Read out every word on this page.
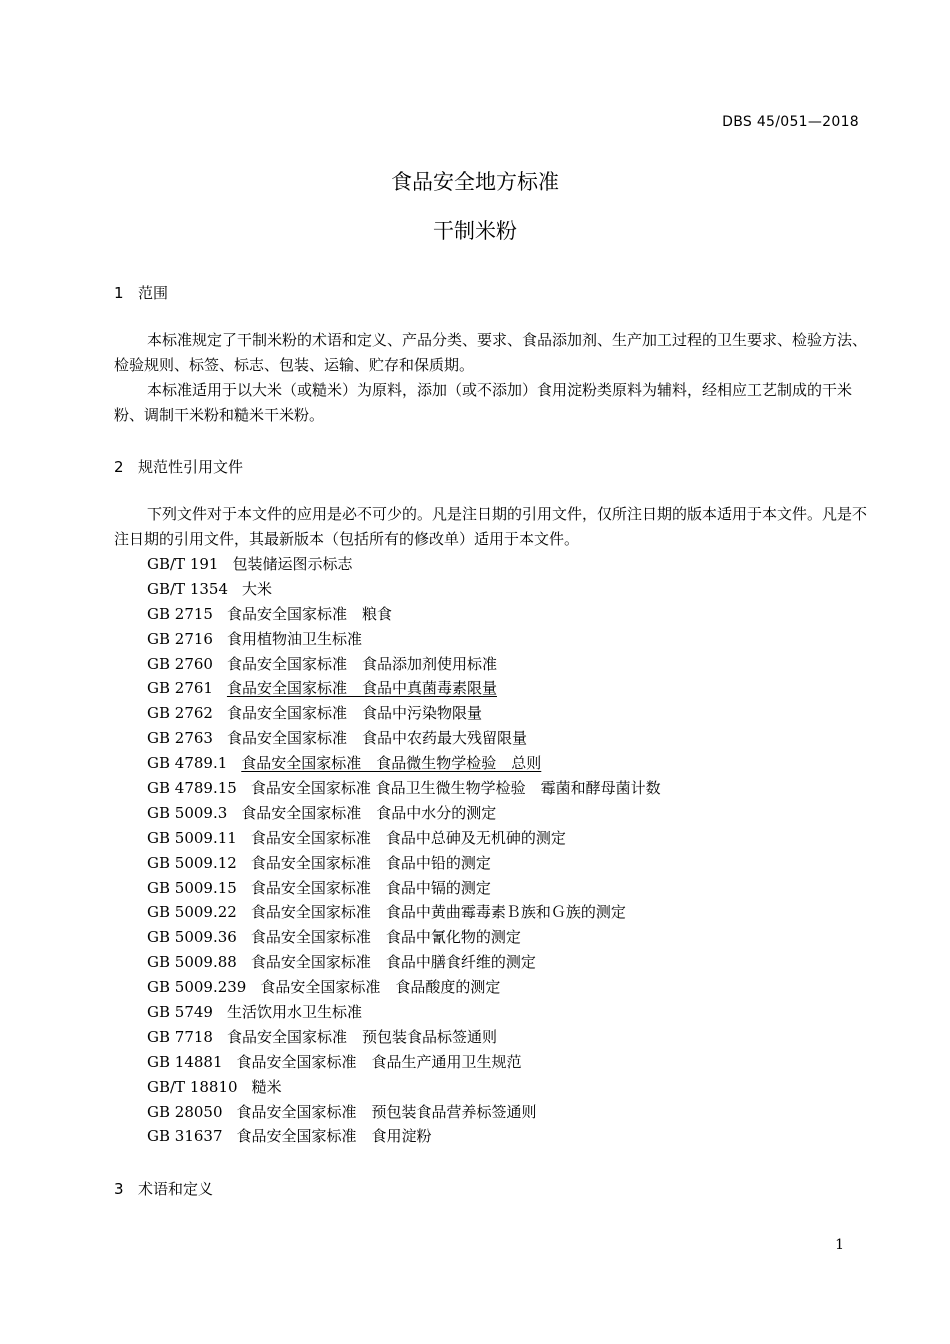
DBS 45/051—2018
食品安全地方标准
干制米粉
1 范围

本标准规定了干制米粉的术语和定义、产品分类、要求、食品添加剂、生产加工过程的卫生要求、检验方法、检验规则、标签、标志、包装、运输、贮存和保质期。

本标准适用于以大米（或糙米）为原料，添加（或不添加）食用淀粉类原料为辅料，经相应工艺制成的干米粉、调制干米粉和糙米干米粉。

2 规范性引用文件

下列文件对于本文件的应用是必不可少的。凡是注日期的引用文件，仅所注日期的版本适用于本文件。凡是不注日期的引用文件，其最新版本（包括所有的修改单）适用于本文件。

GB/T 191 包装储运图示标志
GB/T 1354 大米
GB 2715 食品安全国家标准　粮食
GB 2716 食用植物油卫生标准
GB 2760 食品安全国家标准　食品添加剂使用标准
GB 2761 食品安全国家标准　食品中真菌毒素限量
GB 2762 食品安全国家标准　食品中污染物限量
GB 2763 食品安全国家标准　食品中农药最大残留限量
GB 4789.1 食品安全国家标准　食品微生物学检验　总则
GB 4789.15 食品安全国家标准 食品卫生微生物学检验　霉菌和酵母菌计数
GB 5009.3 食品安全国家标准　食品中水分的测定
GB 5009.11 食品安全国家标准　食品中总砷及无机砷的测定
GB 5009.12 食品安全国家标准　食品中铅的测定
GB 5009.15 食品安全国家标准　食品中镉的测定
GB 5009.22 食品安全国家标准　食品中黄曲霉毒素Ｂ族和Ｇ族的测定
GB 5009.36 食品安全国家标准　食品中氰化物的测定
GB 5009.88 食品安全国家标准　食品中膳食纤维的测定
GB 5009.239 食品安全国家标准　食品酸度的测定
GB 5749 生活饮用水卫生标准
GB 7718 食品安全国家标准　预包装食品标签通则
GB 14881 食品安全国家标准　食品生产通用卫生规范
GB/T 18810 糙米
GB 28050 食品安全国家标准　预包装食品营养标签通则
GB 31637 食品安全国家标准　食用淀粉
3 术语和定义
1
